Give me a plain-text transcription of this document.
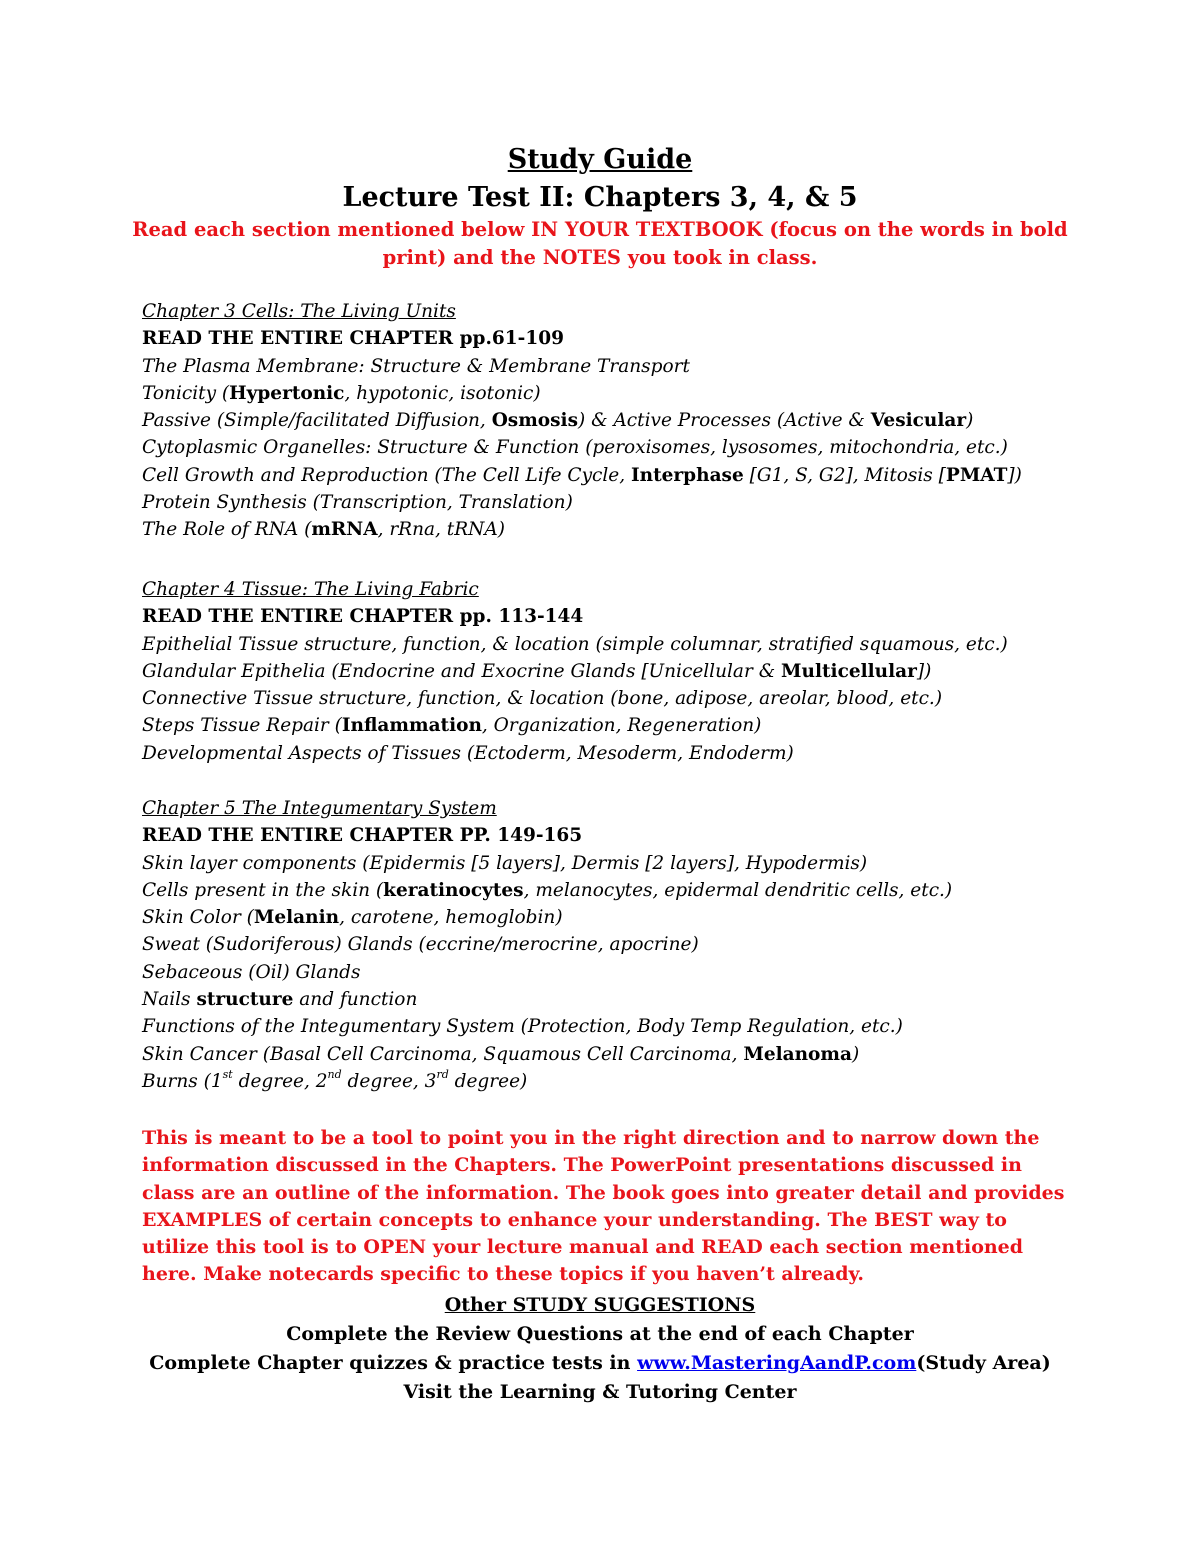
Study Guide
Lecture Test II: Chapters 3, 4, & 5
Read each section mentioned below IN YOUR TEXTBOOK (focus on the words in bold print) and the NOTES you took in class.
Chapter 3 Cells: The Living Units
READ THE ENTIRE CHAPTER pp.61-109
The Plasma Membrane: Structure & Membrane Transport
Tonicity (Hypertonic, hypotonic, isotonic)
Passive (Simple/facilitated Diffusion, Osmosis) & Active Processes (Active & Vesicular)
Cytoplasmic Organelles: Structure & Function (peroxisomes, lysosomes, mitochondria, etc.)
Cell Growth and Reproduction (The Cell Life Cycle, Interphase [G1, S, G2], Mitosis [PMAT])
Protein Synthesis (Transcription, Translation)
The Role of RNA (mRNA, rRna, tRNA)
Chapter 4 Tissue: The Living Fabric
READ THE ENTIRE CHAPTER pp. 113-144
Epithelial Tissue structure, function, & location (simple columnar, stratified squamous, etc.)
Glandular Epithelia (Endocrine and Exocrine Glands [Unicellular & Multicellular])
Connective Tissue structure, function, & location (bone, adipose, areolar, blood, etc.)
Steps Tissue Repair (Inflammation, Organization, Regeneration)
Developmental Aspects of Tissues (Ectoderm, Mesoderm, Endoderm)
Chapter 5 The Integumentary System
READ THE ENTIRE CHAPTER PP. 149-165
Skin layer components (Epidermis [5 layers], Dermis [2 layers], Hypodermis)
Cells present in the skin (keratinocytes, melanocytes, epidermal dendritic cells, etc.)
Skin Color (Melanin, carotene, hemoglobin)
Sweat (Sudoriferous) Glands (eccrine/merocrine, apocrine)
Sebaceous (Oil) Glands
Nails structure and function
Functions of the Integumentary System (Protection, Body Temp Regulation, etc.)
Skin Cancer (Basal Cell Carcinoma, Squamous Cell Carcinoma, Melanoma)
Burns (1st degree, 2nd degree, 3rd degree)
This is meant to be a tool to point you in the right direction and to narrow down the information discussed in the Chapters. The PowerPoint presentations discussed in class are an outline of the information. The book goes into greater detail and provides EXAMPLES of certain concepts to enhance your understanding. The BEST way to utilize this tool is to OPEN your lecture manual and READ each section mentioned here. Make notecards specific to these topics if you haven’t already.
Other STUDY SUGGESTIONS
Complete the Review Questions at the end of each Chapter
Complete Chapter quizzes & practice tests in www.MasteringAandP.com(Study Area)
Visit the Learning & Tutoring Center
